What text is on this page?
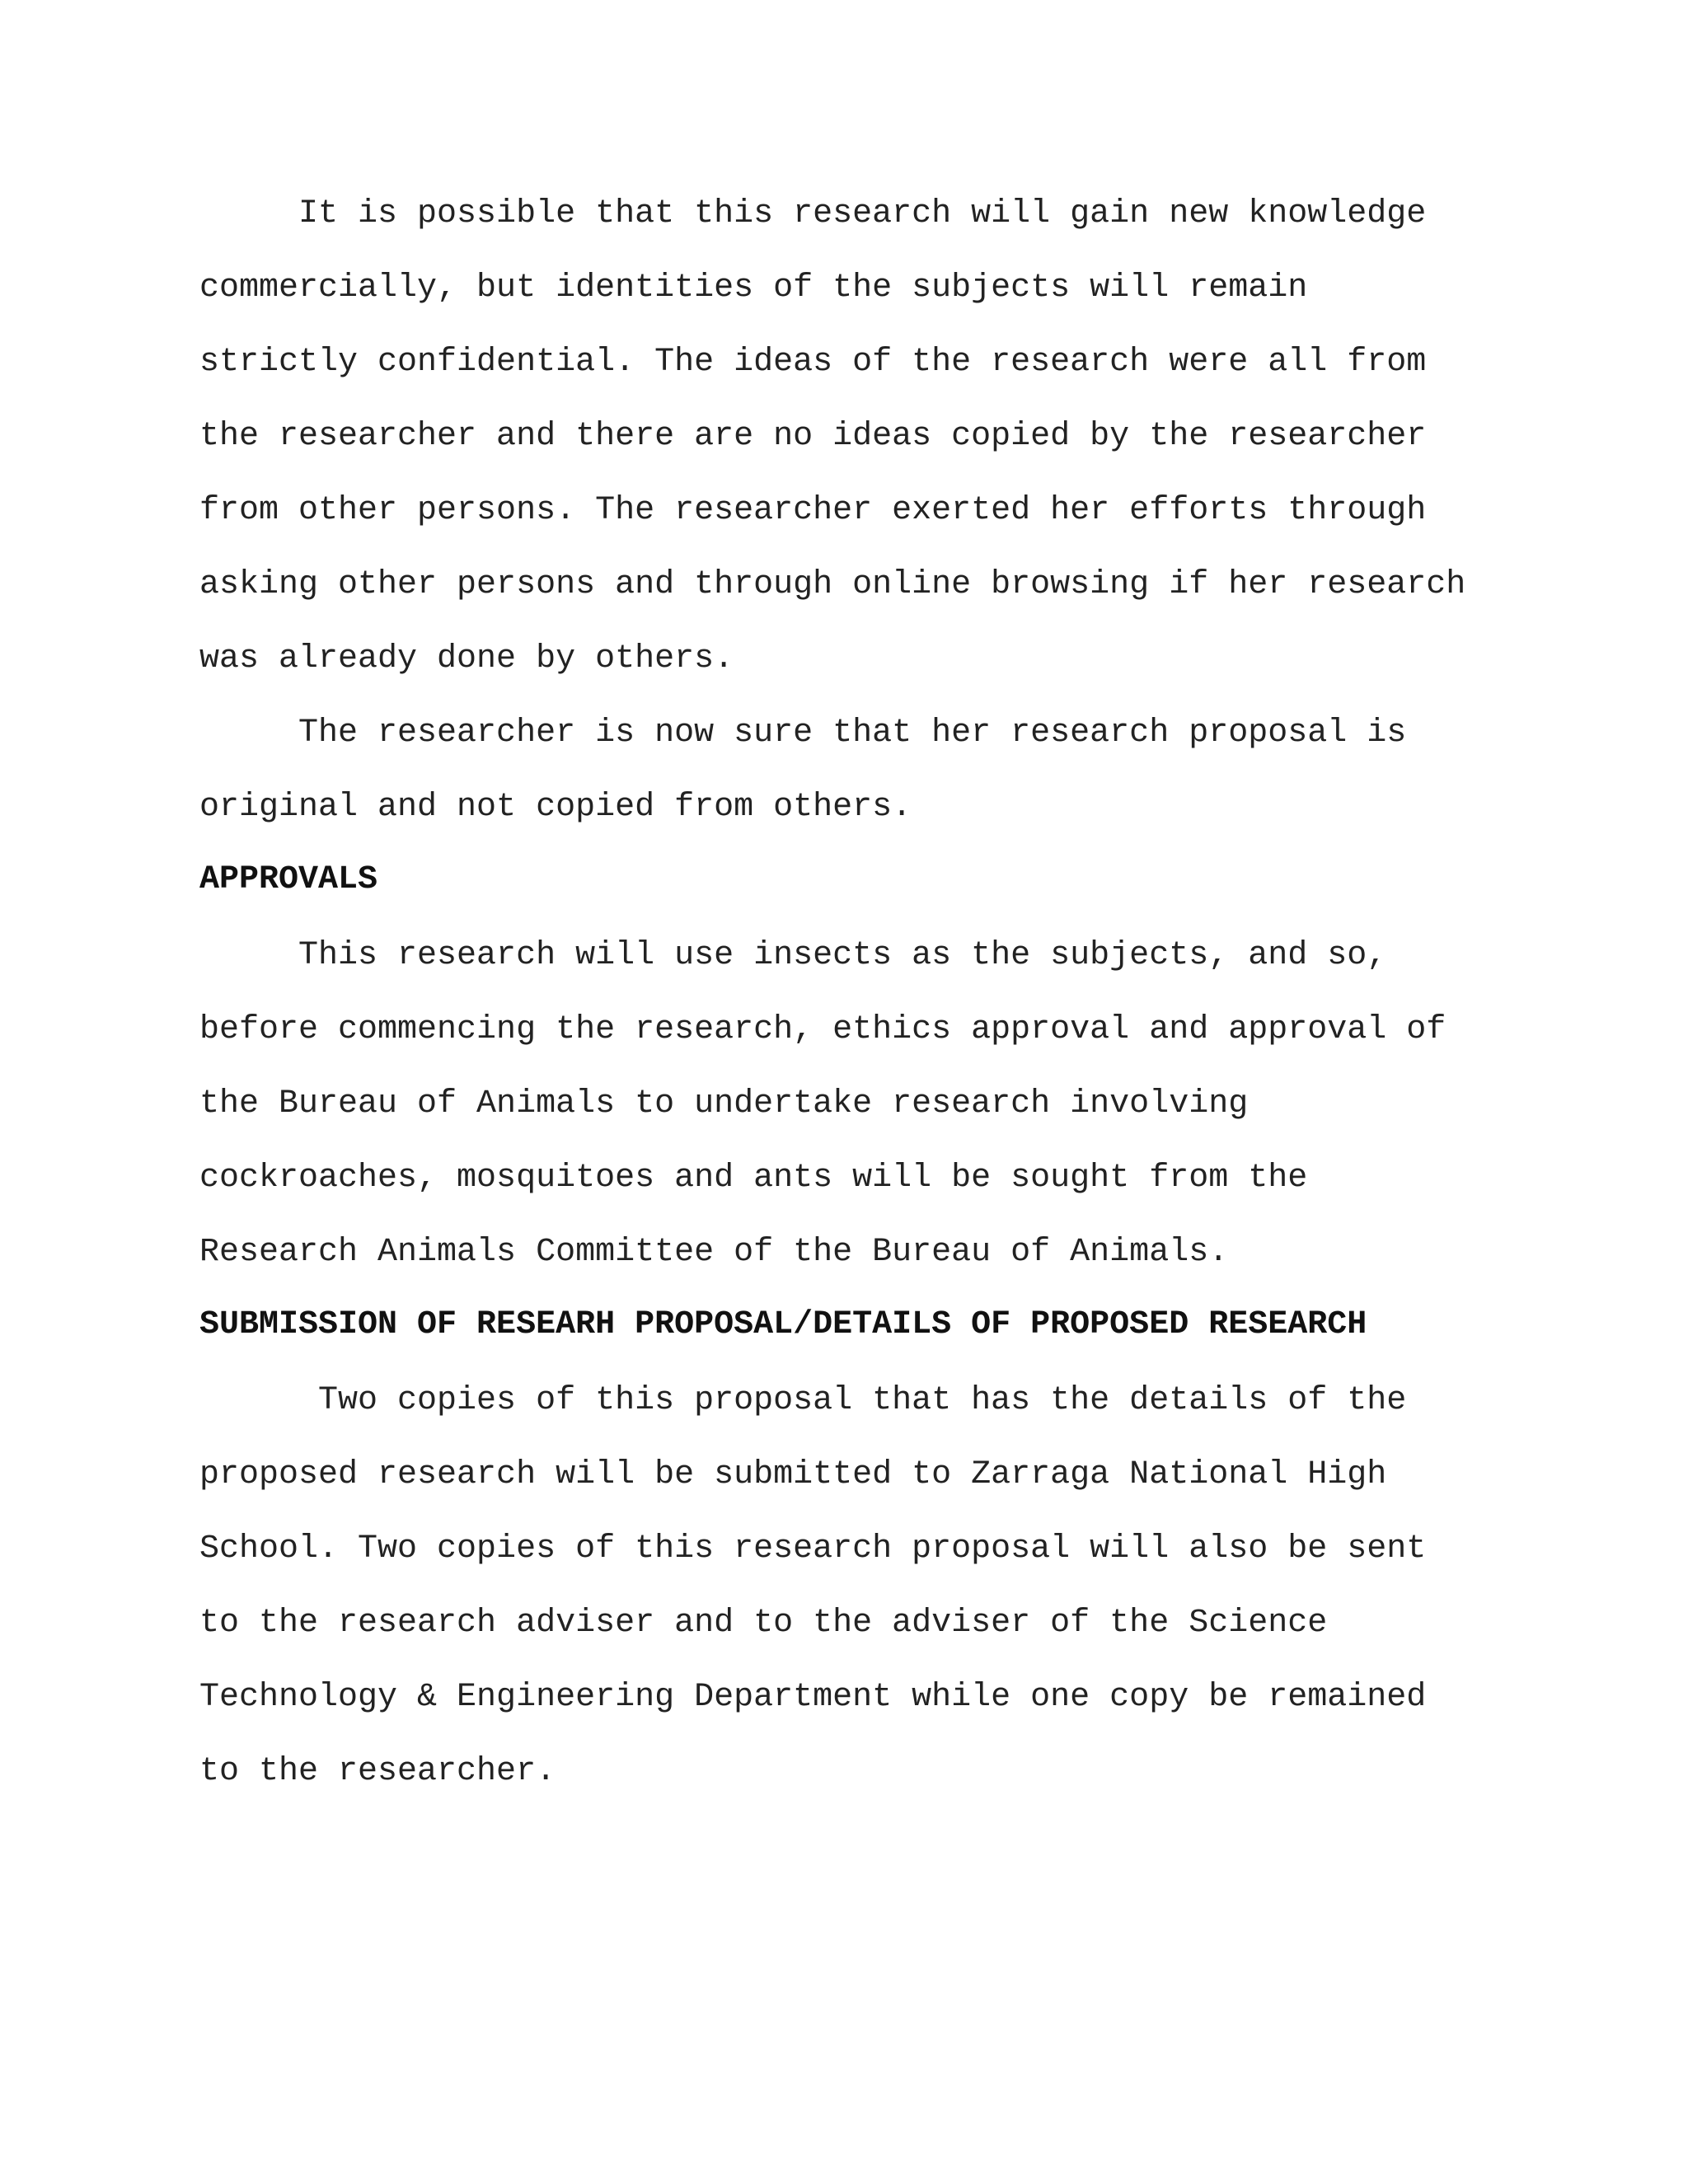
It is possible that this research will gain new knowledge

commercially, but identities of the subjects will remain

strictly confidential. The ideas of the research were all from

the researcher and there are no ideas copied by the researcher

from other persons. The researcher exerted her efforts through

asking other persons and through online browsing if her research

was already done by others.

The researcher is now sure that her research proposal is

original and not copied from others.

APPROVALS

This research will use insects as the subjects, and so,

before commencing the research, ethics approval and approval of

the Bureau of Animals to undertake research involving

cockroaches, mosquitoes and ants will be sought from the

Research Animals Committee of the Bureau of Animals.

SUBMISSION OF RESEARH PROPOSAL/DETAILS OF PROPOSED RESEARCH

Two copies of this proposal that has the details of the

proposed research will be submitted to Zarraga National High

School. Two copies of this research proposal will also be sent

to the research adviser and to the adviser of the Science

Technology & Engineering Department while one copy be remained

to the researcher.
